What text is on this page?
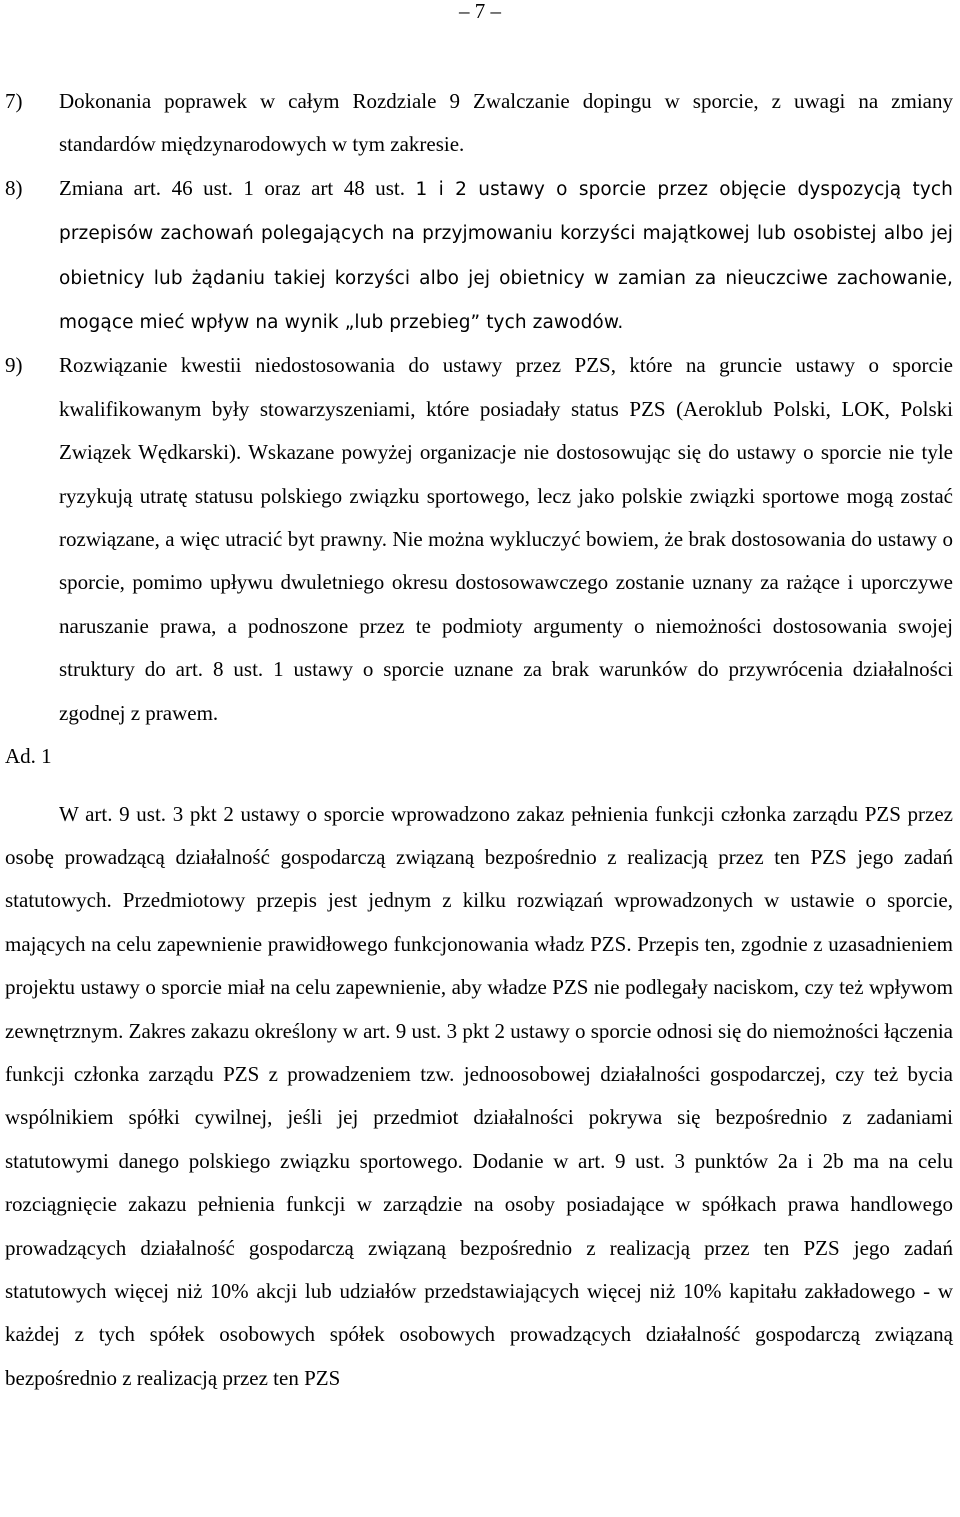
– 7 –
7) Dokonania poprawek w całym Rozdziale 9 Zwalczanie dopingu w sporcie, z uwagi na zmiany standardów międzynarodowych w tym zakresie.
8) Zmiana art. 46 ust. 1 oraz art 48 ust. 1 i 2 ustawy o sporcie przez objęcie dyspozycją tych przepisów zachowań polegających na przyjmowaniu korzyści majątkowej lub osobistej albo jej obietnicy lub żądaniu takiej korzyści albo jej obietnicy w zamian za nieuczciwe zachowanie, mogące mieć wpływ na wynik „lub przebieg” tych zawodów.
9) Rozwiązanie kwestii niedostosowania do ustawy przez PZS, które na gruncie ustawy o sporcie kwalifikowanym były stowarzyszeniami, które posiadały status PZS (Aeroklub Polski, LOK, Polski Związek Wędkarski). Wskazane powyżej organizacje nie dostosowując się do ustawy o sporcie nie tyle ryzykują utratę statusu polskiego związku sportowego, lecz jako polskie związki sportowe mogą zostać rozwiązane, a więc utracić byt prawny. Nie można wykluczyć bowiem, że brak dostosowania do ustawy o sporcie, pomimo upływu dwuletniego okresu dostosowawczego zostanie uznany za rażące i uporczywe naruszanie prawa, a podnoszone przez te podmioty argumenty o niemożności dostosowania swojej struktury do art. 8 ust. 1 ustawy o sporcie uznane za brak warunków do przywrócenia działalności zgodnej z prawem.
Ad. 1
W art. 9 ust. 3 pkt 2 ustawy o sporcie wprowadzono zakaz pełnienia funkcji członka zarządu PZS przez osobę prowadzącą działalność gospodarczą związaną bezpośrednio z realizacją przez ten PZS jego zadań statutowych. Przedmiotowy przepis jest jednym z kilku rozwiązań wprowadzonych w ustawie o sporcie, mających na celu zapewnienie prawidłowego funkcjonowania władz PZS. Przepis ten, zgodnie z uzasadnieniem projektu ustawy o sporcie miał na celu zapewnienie, aby władze PZS nie podlegały naciskom, czy też wpływom zewnętrznym. Zakres zakazu określony w art. 9 ust. 3 pkt 2 ustawy o sporcie odnosi się do niemożności łączenia funkcji członka zarządu PZS z prowadzeniem tzw. jednoosobowej działalności gospodarczej, czy też bycia wspólnikiem spółki cywilnej, jeśli jej przedmiot działalności pokrywa się bezpośrednio z zadaniami statutowymi danego polskiego związku sportowego. Dodanie w art. 9 ust. 3 punktów 2a i 2b ma na celu rozciągnięcie zakazu pełnienia funkcji w zarządzie na osoby posiadające w spółkach prawa handlowego prowadzących działalność gospodarczą związaną bezpośrednio z realizacją przez ten PZS jego zadań statutowych więcej niż 10% akcji lub udziałów przedstawiających więcej niż 10% kapitału zakładowego - w każdej z tych spółek osobowych spółek osobowych prowadzących działalność gospodarczą związaną bezpośrednio z realizacją przez ten PZS
